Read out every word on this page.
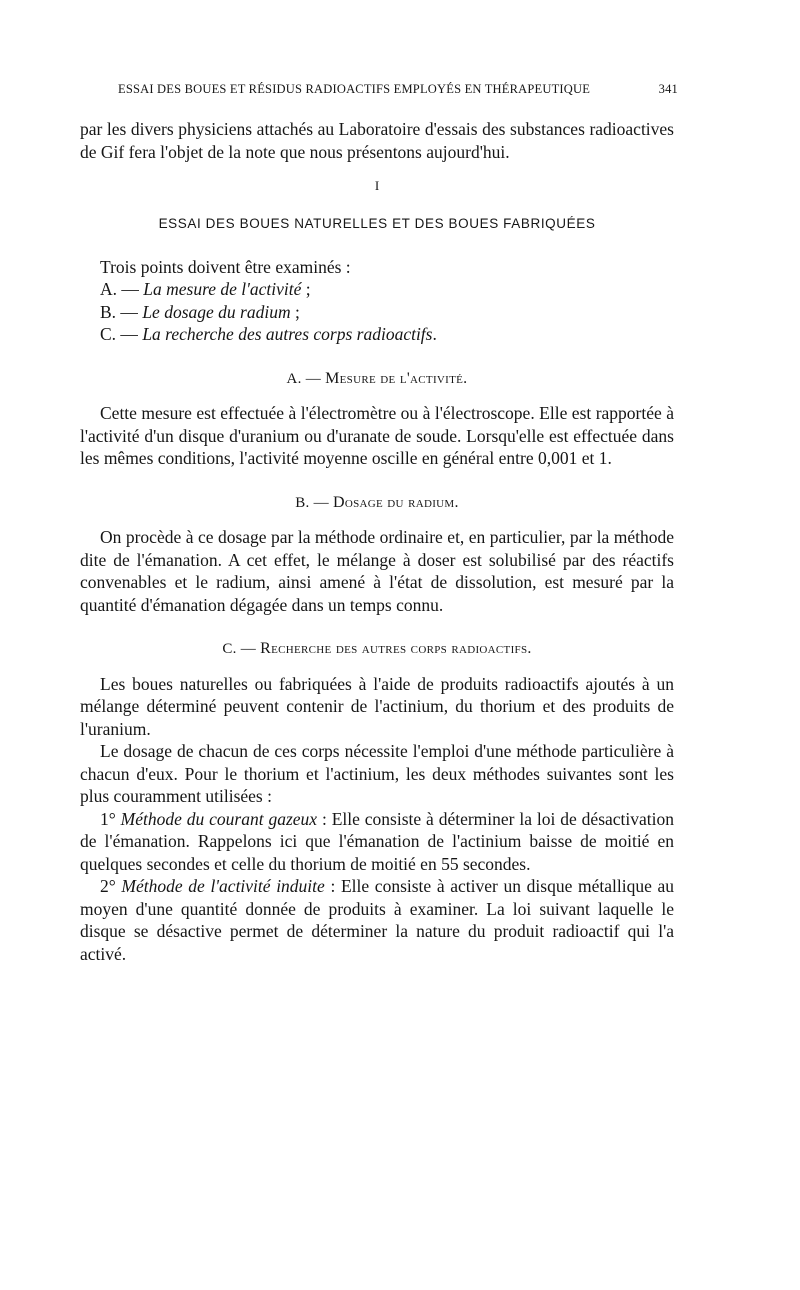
ESSAI DES BOUES ET RÉSIDUS RADIOACTIFS EMPLOYÉS EN THÉRAPEUTIQUE	341

par les divers physiciens attachés au Laboratoire d'essais des substances radioactives de Gif fera l'objet de la note que nous présentons aujourd'hui.

I
ESSAI DES BOUES NATURELLES ET DES BOUES FABRIQUÉES

Trois points doivent être examinés :

A. — La mesure de l'activité ;

B. — Le dosage du radium ;

C. — La recherche des autres corps radioactifs.

A. — Mesure de l'activité.

Cette mesure est effectuée à l'électromètre ou à l'électroscope. Elle est rapportée à l'activité d'un disque d'uranium ou d'uranate de soude. Lorsqu'elle est effectuée dans les mêmes conditions, l'activité moyenne oscille en général entre 0,001 et 1.

B. — Dosage du radium.

On procède à ce dosage par la méthode ordinaire et, en particulier, par la méthode dite de l'émanation. A cet effet, le mélange à doser est solubilisé par des réactifs convenables et le radium, ainsi amené à l'état de dissolution, est mesuré par la quantité d'émanation dégagée dans un temps connu.

C. — Recherche des autres corps radioactifs.

Les boues naturelles ou fabriquées à l'aide de produits radioactifs ajoutés à un mélange déterminé peuvent contenir de l'actinium, du thorium et des produits de l'uranium.

Le dosage de chacun de ces corps nécessite l'emploi d'une méthode particulière à chacun d'eux. Pour le thorium et l'actinium, les deux méthodes suivantes sont les plus couramment utilisées :

1° Méthode du courant gazeux : Elle consiste à déterminer la loi de désactivation de l'émanation. Rappelons ici que l'émanation de l'actinium baisse de moitié en quelques secondes et celle du thorium de moitié en 55 secondes.

2° Méthode de l'activité induite : Elle consiste à activer un disque métallique au moyen d'une quantité donnée de produits à examiner. La loi suivant laquelle le disque se désactive permet de déterminer la nature du produit radioactif qui l'a activé.
